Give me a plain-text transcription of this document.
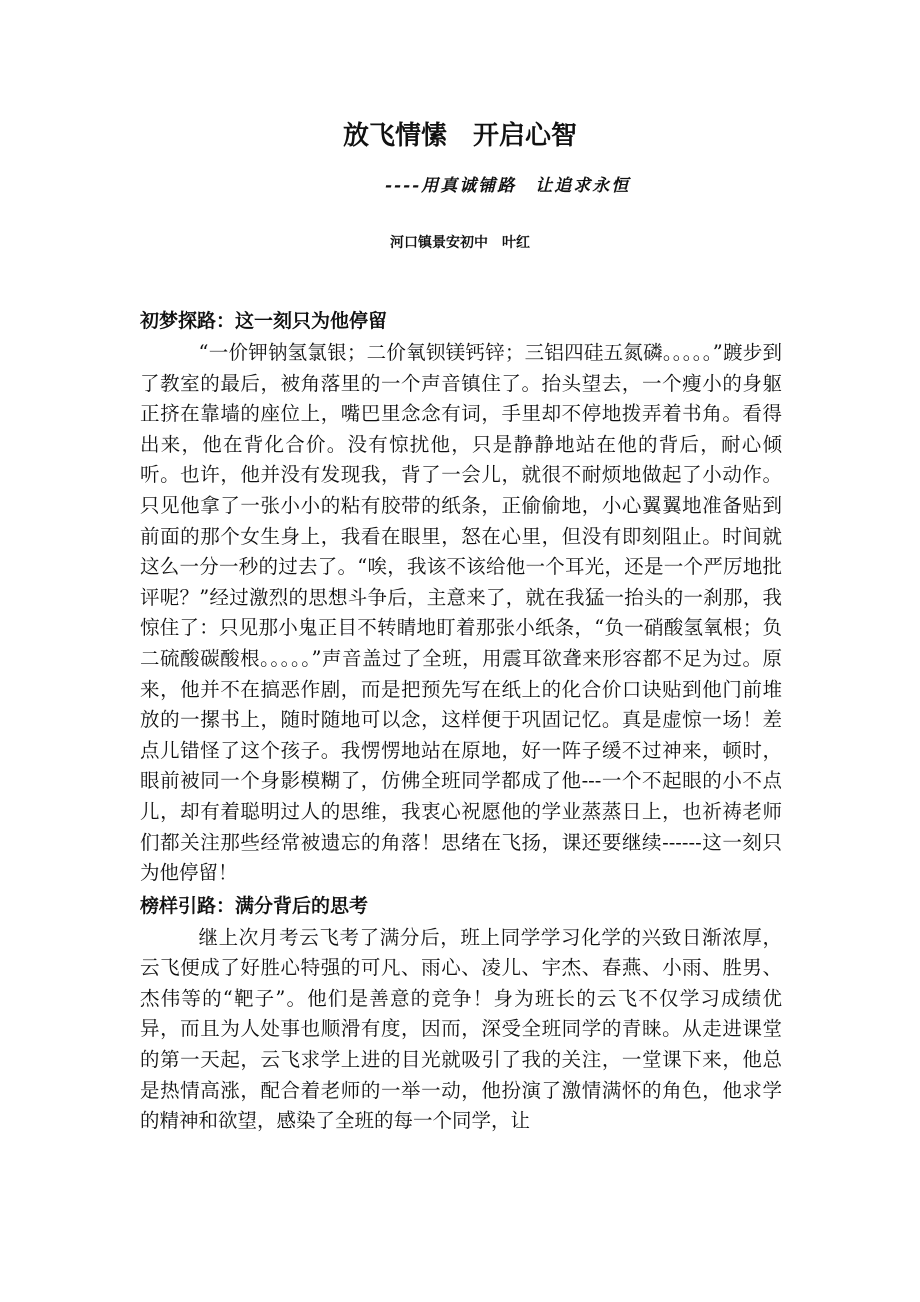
放飞情愫　开启心智
----用真诚铺路　让追求永恒
河口镇景安初中　叶红
初梦探路：这一刻只为他停留

“一价钾钠氢氯银；二价氧钡镁钙锌；三铝四硅五氮磷。。。。。”踱步到了教室的最后，被角落里的一个声音镇住了。抬头望去，一个瘦小的身躯正挤在靠墙的座位上，嘴巴里念念有词，手里却不停地拨弄着书角。看得出来，他在背化合价。没有惊扰他，只是静静地站在他的背后，耐心倾听。也许，他并没有发现我，背了一会儿，就很不耐烦地做起了小动作。只见他拿了一张小小的粘有胶带的纸条，正偷偷地，小心翼翼地准备贴到前面的那个女生身上，我看在眼里，怒在心里，但没有即刻阻止。时间就这么一分一秒的过去了。“唉，我该不该给他一个耳光，还是一个严厉地批评呢？”经过激烈的思想斗争后，主意来了，就在我猛一抬头的一刹那，我惊住了：只见那小鬼正目不转睛地盯着那张小纸条，“负一硝酸氢氧根；负二硫酸碳酸根。。。。。”声音盖过了全班，用震耳欲聋来形容都不足为过。原来，他并不在搞恶作剧，而是把预先写在纸上的化合价口诀贴到他门前堆放的一摞书上，随时随地可以念，这样便于巩固记忆。真是虚惊一场！差点儿错怪了这个孩子。我愣愣地站在原地，好一阵子缓不过神来，顿时，眼前被同一个身影模糊了，仿佛全班同学都成了他---一个不起眼的小不点儿，却有着聪明过人的思维，我衷心祝愿他的学业蒸蒸日上，也祈祷老师们都关注那些经常被遗忘的角落！思绪在飞扬，课还要继续------这一刻只为他停留！

榜样引路：满分背后的思考

继上次月考云飞考了满分后，班上同学学习化学的兴致日渐浓厚，云飞便成了好胜心特强的可凡、雨心、凌儿、宇杰、春燕、小雨、胜男、杰伟等的“靶子”。他们是善意的竞争！身为班长的云飞不仅学习成绩优异，而且为人处事也顺滑有度，因而，深受全班同学的青睐。从走进课堂的第一天起，云飞求学上进的目光就吸引了我的关注，一堂课下来，他总是热情高涨，配合着老师的一举一动，他扮演了激情满怀的角色，他求学的精神和欲望，感染了全班的每一个同学，让
